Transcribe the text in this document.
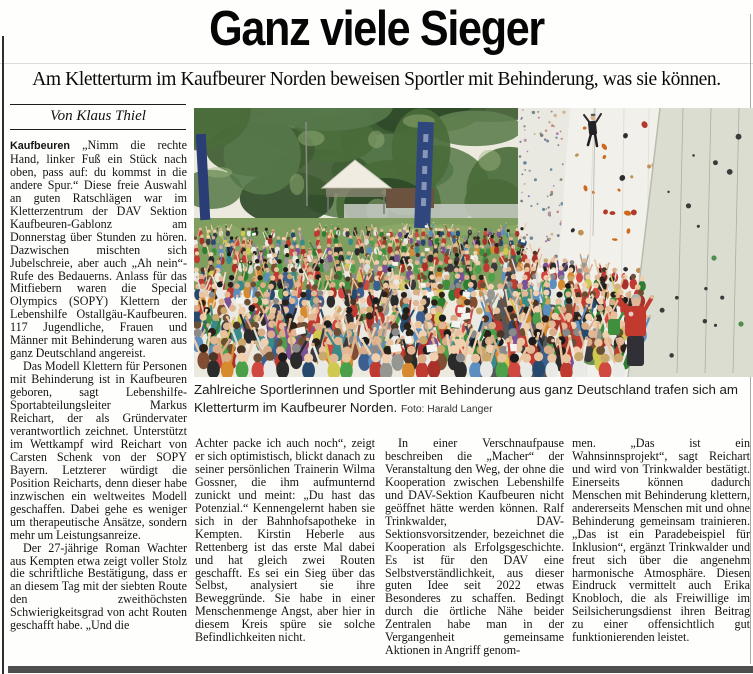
Ganz viele Sieger
Am Kletterturm im Kaufbeurer Norden beweisen Sportler mit Behinderung, was sie können.
Von Klaus Thiel

Kaufbeuren „Nimm die rechte Hand, linker Fuß ein Stück nach oben, pass auf: du kommst in die andere Spur.“ Diese freie Auswahl an guten Ratschlägen war im Kletterzentrum der DAV Sektion Kaufbeuren-Gablonz am Donnerstag über Stunden zu hören. Dazwischen mischten sich Jubelschreie, aber auch „Ah nein“-Rufe des Bedauerns. Anlass für das Mitfiebern waren die Special Olympics (SOPY) Klettern der Lebenshilfe Ostallgäu-Kaufbeuren. 117 Jugendliche, Frauen und Männer mit Behinderung waren aus ganz Deutschland angereist.

Das Modell Klettern für Personen mit Behinderung ist in Kaufbeuren geboren, sagt Lebenshilfe-Sportabteilungsleiter Markus Reichart, der als Gründervater verantwortlich zeichnet. Unterstützt im Wettkampf wird Reichart von Carsten Schenk von der SOPY Bayern. Letzterer würdigt die Position Reicharts, denn dieser habe inzwischen ein weltweites Modell geschaffen. Dabei gehe es weniger um therapeutische Ansätze, sondern mehr um Leistungsanreize.

Der 27-jährige Roman Wachter aus Kempten etwa zeigt voller Stolz die schriftliche Bestätigung, dass er an diesem Tag mit der siebten Route den zweithöchsten Schwierigkeitsgrad von acht Routen geschafft habe. „Und die

Zahlreiche Sportlerinnen und Sportler mit Behinderung aus ganz Deutschland trafen sich am Kletterturm im Kaufbeurer Norden. Foto: Harald Langer

Achter packe ich auch noch“, zeigt er sich optimistisch, blickt danach zu seiner persönlichen Trainerin Wilma Gossner, die ihm aufmunternd zunickt und meint: „Du hast das Potenzial.“ Kennengelernt haben sie sich in der Bahnhofsapotheke in Kempten. Kirstin Heberle aus Rettenberg ist das erste Mal dabei und hat gleich zwei Routen geschafft. Es sei ein Sieg über das Selbst, analysiert sie ihre Beweggründe. Sie habe in einer Menschenmenge Angst, aber hier in diesem Kreis spüre sie solche Befindlichkeiten nicht.

In einer Verschnaufpause beschreiben die „Macher“ der Veranstaltung den Weg, der ohne die Kooperation zwischen Lebenshilfe und DAV-Sektion Kaufbeuren nicht geöffnet hätte werden können. Ralf Trinkwalder, DAV-Sektionsvorsitzender, bezeichnet die Kooperation als Erfolgsgeschichte. Es ist für den DAV eine Selbstverständlichkeit, aus dieser guten Idee seit 2022 etwas Besonderes zu schaffen. Bedingt durch die örtliche Nähe beider Zentralen habe man in der Vergangenheit gemeinsame Aktionen in Angriff genom-

men. „Das ist ein Wahnsinnsprojekt“, sagt Reichart und wird von Trinkwalder bestätigt. Einerseits können dadurch Menschen mit Behinderung klettern, andererseits Menschen mit und ohne Behinderung gemeinsam trainieren. „Das ist ein Paradebeispiel für Inklusion“, ergänzt Trinkwalder und freut sich über die angenehm harmonische Atmosphäre. Diesen Eindruck vermittelt auch Erika Knobloch, die als Freiwillige im Seilsicherungsdienst ihren Beitrag zu einer offensichtlich gut funktionierenden leistet.
